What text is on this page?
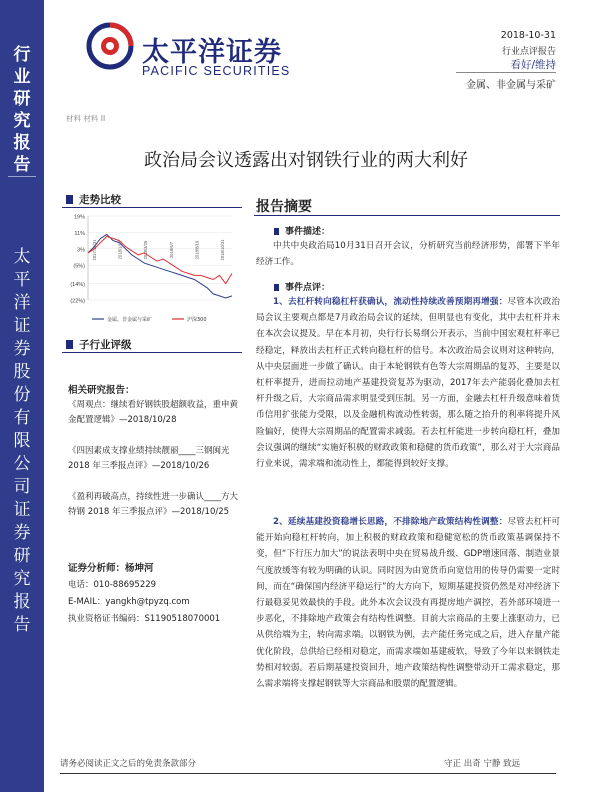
行
业
研
究
报
告
太
平
洋
证
券
股
份
有
限
公
司
证
券
研
究
报
告
太平洋证券
PACIFIC SECURITIES
2018-10-31
行业点评报告
看好/维持
金属、非金属与采矿
材料 材料 II
政治局会议透露出对钢铁行业的两大利好
走势比较
19%
11%
3%
(5%)
(14%)
(22%)
2017/10/31	2018/1/12	2018/3/26	2018/6/7	2018/8/19	2018/10/31
金属、非金属与采矿	沪深300
子行业评级
相关研究报告：
《周观点：继续看好钢铁股超额收益，重申黄金配置逻辑》—2018/10/28
《四因素成支撑业绩持续靓丽____三钢闽光 2018 年三季报点评》—2018/10/26
《盈利再破高点，持续性进一步确认____方大特钢 2018 年三季报点评》—2018/10/25
证券分析师：杨坤河
电话：010-88695229
E-MAIL：yangkh@tpyzq.com
执业资格证书编码：S1190518070001
报告摘要
事件描述：
中共中央政治局10月31日召开会议，分析研究当前经济形势，部署下半年经济工作。
事件点评：
1、去杠杆转向稳杠杆获确认，流动性持续改善预期再增强：尽管本次政治局会议主要观点都是7月政治局会议的延续，但明显也有变化，其中去杠杆并未在本次会议提及。早在本月初，央行行长易纲公开表示，当前中国宏观杠杆率已经稳定，释放出去杠杆正式转向稳杠杆的信号。本次政治局会议则对这种转向，从中央层面进一步做了确认。由于本轮钢铁有色等大宗周期品的复苏，主要是以杠杆率提升，进而拉动地产基建投资复苏为驱动，2017年去产能弱化叠加去杠杆升级之后，大宗商品需求明显受到压制。另一方面，金融去杠杆升级意味着货币信用扩张能力受限，以及金融机构流动性转弱，那么随之抬升的利率将提升风险偏好，使得大宗周期品的配置需求减弱。若去杠杆能进一步转向稳杠杆，叠加会议强调的继续“实施好积极的财政政策和稳健的货币政策”，那么对于大宗商品行业来说，需求端和流动性上，都能得到较好支撑。
2、延续基建投资稳增长思路，不排除地产政策结构性调整：尽管去杠杆可能开始向稳杠杆转向，加上积极的财政政策和稳健宽松的货币政策基调保持不变，但“下行压力加大”的说法表明中央在贸易战升级、GDP增速回落、制造业景气度放缓等有较为明确的认识。同时因为由宽货币向宽信用的传导仍需要一定时间，而在“确保国内经济平稳运行”的大方向下，短期基建投资仍然是对冲经济下行最稳妥见效最快的手段。此外本次会议没有再提房地产调控，若外部环境进一步恶化，不排除地产政策会有结构性调整。目前大宗商品的主要上涨驱动力，已从供给端为主，转向需求端。以钢铁为例，去产能任务完成之后，进入存量产能优化阶段，总供给已经相对稳定，而需求端如基建疲软，导致了今年以来钢铁走势相对较弱。若后期基建投资回升，地产政策结构性调整带动开工需求稳定，那么需求端将支撑起钢铁等大宗商品和股票的配置逻辑。
请务必阅读正文之后的免责条款部分	守正 出奇 宁静 致远
